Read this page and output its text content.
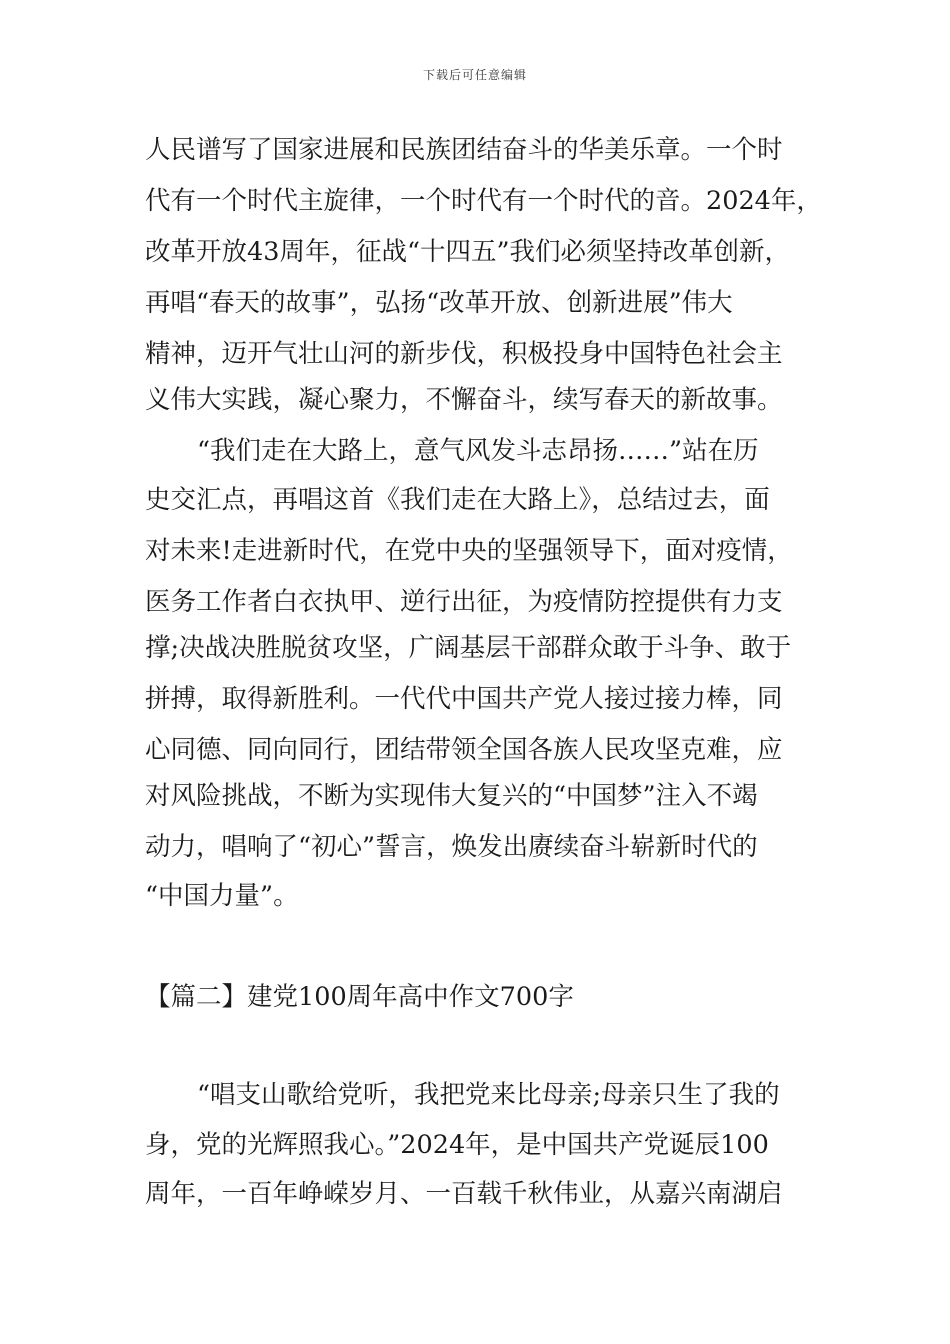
下载后可任意编辑
人民谱写了国家进展和民族团结奋斗的华美乐章。一个时
代有一个时代主旋律，一个时代有一个时代的音。2024年，
改革开放43周年，征战“十四五”我们必须坚持改革创新，
再唱“春天的故事”，弘扬“改革开放、创新进展”伟大
精神，迈开气壮山河的新步伐，积极投身中国特色社会主
义伟大实践，凝心聚力，不懈奋斗，续写春天的新故事。
“我们走在大路上，意气风发斗志昂扬……”站在历
史交汇点，再唱这首《我们走在大路上》，总结过去，面
对未来!走进新时代，在党中央的坚强领导下，面对疫情，
医务工作者白衣执甲、逆行出征，为疫情防控提供有力支
撑;决战决胜脱贫攻坚，广阔基层干部群众敢于斗争、敢于
拼搏，取得新胜利。一代代中国共产党人接过接力棒，同
心同德、同向同行，团结带领全国各族人民攻坚克难，应
对风险挑战，不断为实现伟大复兴的“中国梦”注入不竭
动力，唱响了“初心”誓言，焕发出赓续奋斗崭新时代的
“中国力量”。
【篇二】建党100周年高中作文700字
“唱支山歌给党听，我把党来比母亲;母亲只生了我的
身，党的光辉照我心。”2024年，是中国共产党诞辰100
周年，一百年峥嵘岁月、一百载千秋伟业，从嘉兴南湖启
